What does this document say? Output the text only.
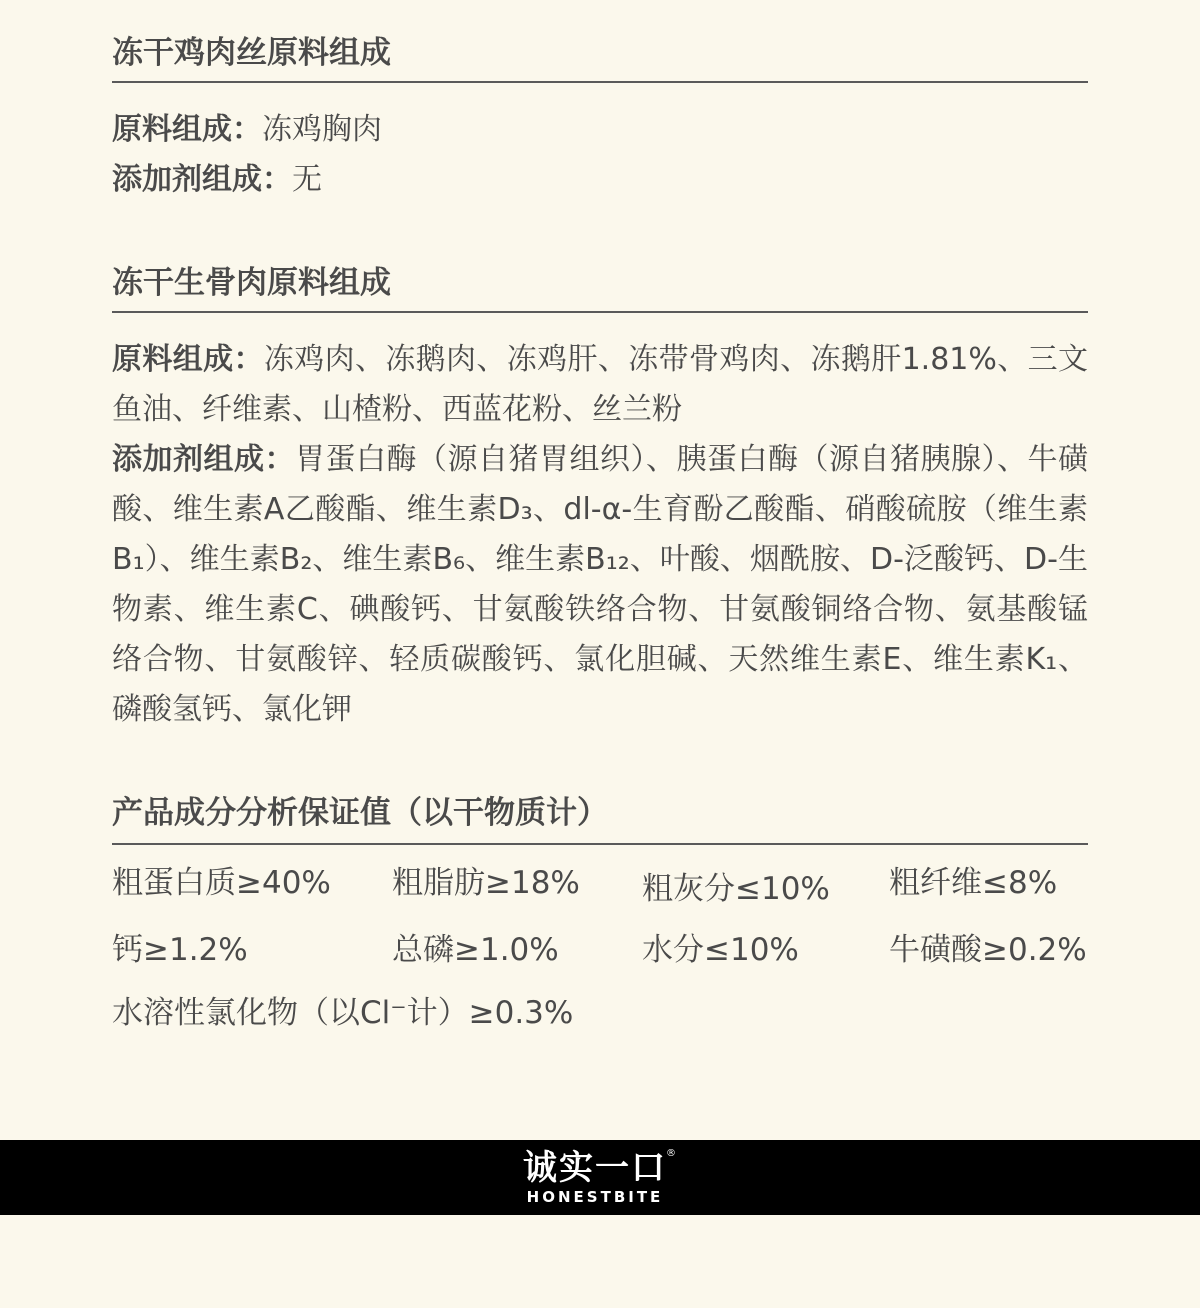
冻干鸡肉丝原料组成

原料组成：冻鸡胸肉

添加剂组成：无

冻干生骨肉原料组成

原料组成：冻鸡肉、冻鹅肉、冻鸡肝、冻带骨鸡肉、冻鹅肝1.81%、三文鱼油、纤维素、山楂粉、西蓝花粉、丝兰粉

添加剂组成：胃蛋白酶（源自猪胃组织）、胰蛋白酶（源自猪胰腺）、牛磺酸、维生素A乙酸酯、维生素D₃、dl-α-生育酚乙酸酯、硝酸硫胺（维生素B₁）、维生素B₂、维生素B₆、维生素B₁₂、叶酸、烟酰胺、D-泛酸钙、D-生物素、维生素C、碘酸钙、甘氨酸铁络合物、甘氨酸铜络合物、氨基酸锰络合物、甘氨酸锌、轻质碳酸钙、氯化胆碱、天然维生素E、维生素K₁、磷酸氢钙、氯化钾

产品成分分析保证值（以干物质计）
粗蛋白质≥40% 粗脂肪≥18% 粗灰分≤10% 粗纤维≤8%
钙≥1.2%	总磷≥1.0%	水分≤10%	牛磺酸≥0.2%
水溶性氯化物（以Cl⁻计）≥0.3%
诚实一口 ®
HONESTBITE
